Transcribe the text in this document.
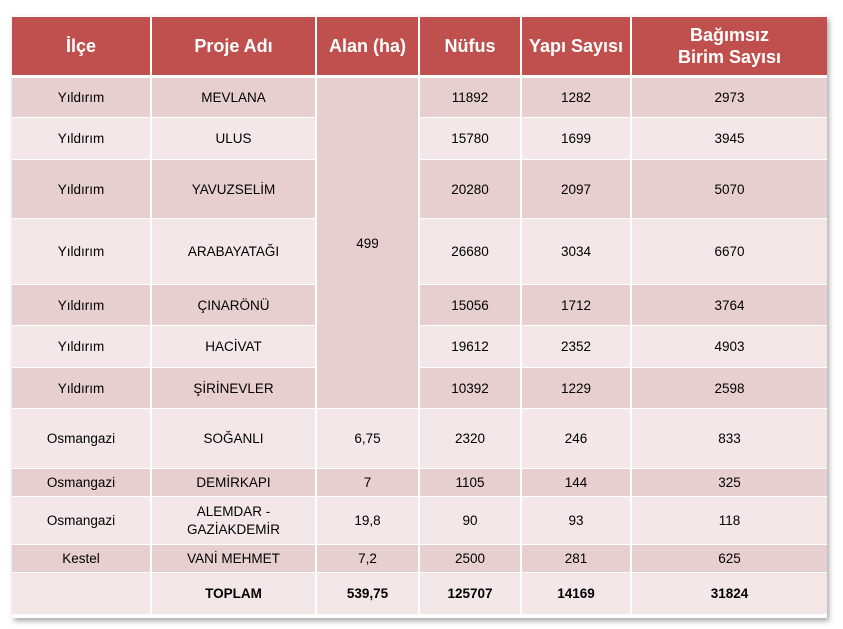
İlçe	Proje Adı	Alan (ha)	Nüfus	Yapı Sayısı	Bağımsız
Birim Sayısı
Yıldırım	MEVLANA	499	11892	1282	2973
Yıldırım	ULUS		15780	1699	3945
Yıldırım	YAVUZSELİM		20280	2097	5070
Yıldırım	ARABAYATAĞI		26680	3034	6670
Yıldırım	ÇINARÖNÜ		15056	1712	3764
Yıldırım	HACİVAT		19612	2352	4903
Yıldırım	ŞİRİNEVLER		10392	1229	2598
Osmangazi	SOĞANLI	6,75	2320	246	833
Osmangazi	DEMİRKAPI	7	1105	144	325
Osmangazi	ALEMDAR -
GAZİAKDEMİR	19,8	90	93	118
Kestel	VANİ MEHMET	7,2	2500	281	625
	TOPLAM	539,75	125707	14169	31824
